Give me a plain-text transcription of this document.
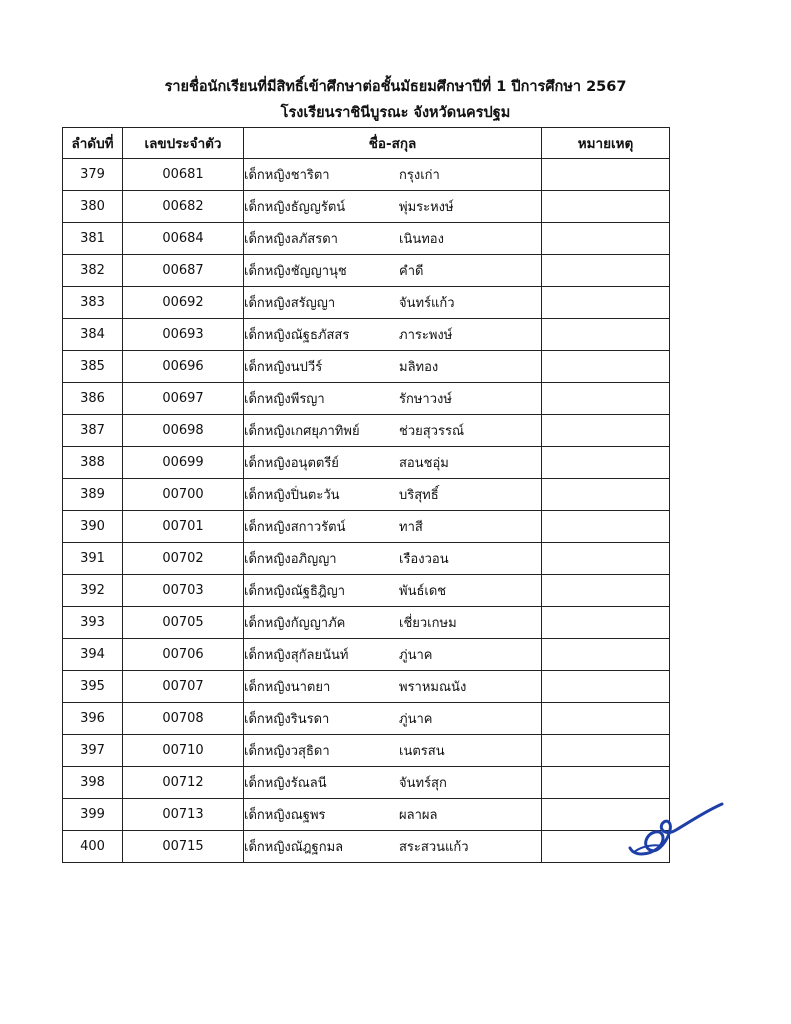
รายชื่อนักเรียนที่มีสิทธิ์เข้าศึกษาต่อชั้นมัธยมศึกษาปีที่ 1 ปีการศึกษา 2567
โรงเรียนราชินีบูรณะ จังหวัดนครปฐม
ลำดับที่	เลขประจำตัว	ชื่อ-สกุล	หมายเหตุ
379	00681	เด็กหญิงชาริตา กรุงเก่า	
380	00682	เด็กหญิงธัญญรัตน์ พุ่มระหงษ์	
381	00684	เด็กหญิงลภัสรดา เนินทอง	
382	00687	เด็กหญิงชัญญานุช คำดี	
383	00692	เด็กหญิงสรัญญา จันทร์แก้ว	
384	00693	เด็กหญิงณัฐธภัสสร ภาระพงษ์	
385	00696	เด็กหญิงนปวีร์ มลิทอง	
386	00697	เด็กหญิงพีรญา รักษาวงษ์	
387	00698	เด็กหญิงเกศยุภาทิพย์ ช่วยสุวรรณ์	
388	00699	เด็กหญิงอนุตตรีย์ สอนชอุ่ม	
389	00700	เด็กหญิงปิ่นตะวัน บริสุทธิ์	
390	00701	เด็กหญิงสกาวรัตน์ ทาสี	
391	00702	เด็กหญิงอภิญญา เรืองวอน	
392	00703	เด็กหญิงณัฐธิฎิญา พันธ์เดช	
393	00705	เด็กหญิงกัญญาภัค เชี่ยวเกษม	
394	00706	เด็กหญิงสุกัลยนันท์ ภู่นาค	
395	00707	เด็กหญิงนาตยา พราหมณนัง	
396	00708	เด็กหญิงรินรดา ภู่นาค	
397	00710	เด็กหญิงวสุธิดา เนตรสน	
398	00712	เด็กหญิงรัณลนี จันทร์สุก	
399	00713	เด็กหญิงณฐพร ผลาผล	
400	00715	เด็กหญิงณัฎฐกมล สระสวนแก้ว	
